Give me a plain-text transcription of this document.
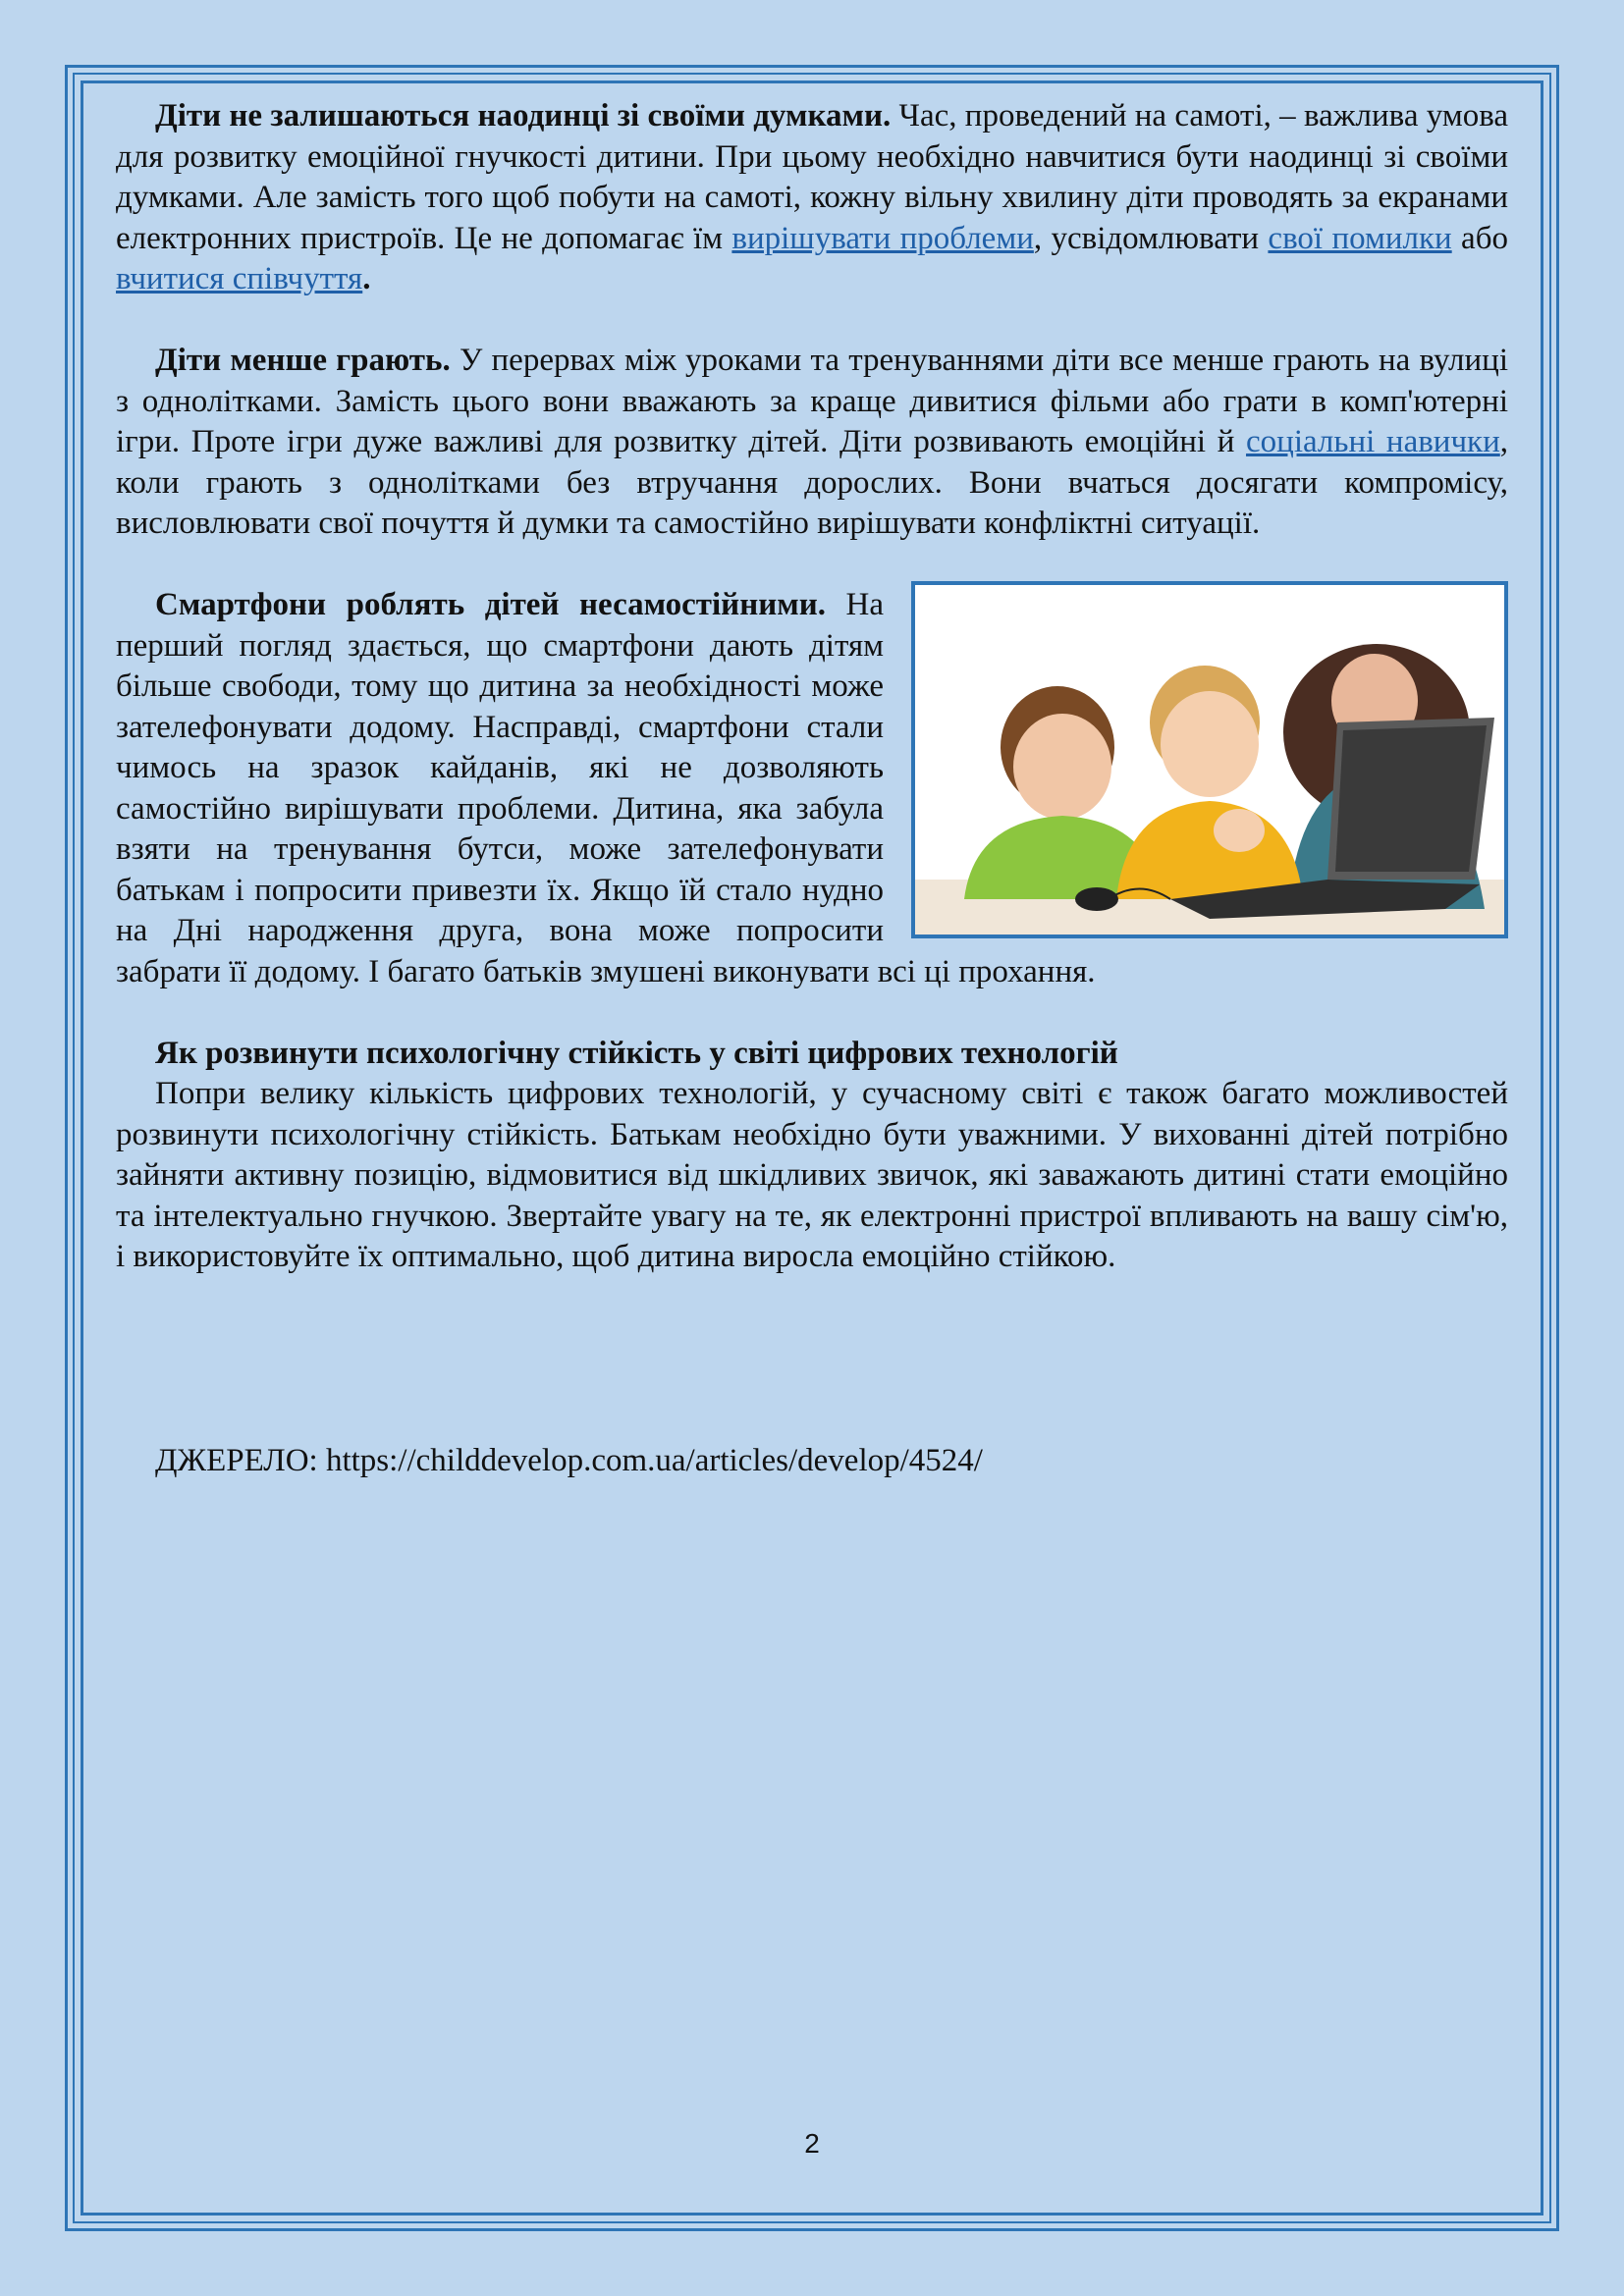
Діти не залишаються наодинці зі своїми думками. Час, проведений на самоті, – важлива умова для розвитку емоційної гнучкості дитини. При цьому необхідно навчитися бути наодинці зі своїми думками. Але замість того щоб побути на самоті, кожну вільну хвилину діти проводять за екранами електронних пристроїв. Це не допомагає їм вирішувати проблеми, усвідомлювати свої помилки або вчитися співчуття.

Діти менше грають. У перервах між уроками та тренуваннями діти все менше грають на вулиці з однолітками. Замість цього вони вважають за краще дивитися фільми або грати в комп'ютерні ігри. Проте ігри дуже важливі для розвитку дітей. Діти розвивають емоційні й соціальні навички, коли грають з однолітками без втручання дорослих. Вони вчаться досягати компромісу, висловлювати свої почуття й думки та самостійно вирішувати конфліктні ситуації.

Смартфони роблять дітей несамостійними. На перший погляд здається, що смартфони дають дітям більше свободи, тому що дитина за необхідності може зателефонувати додому. Насправді, смартфони стали чимось на зразок кайданів, які не дозволяють самостійно вирішувати проблеми. Дитина, яка забула взяти на тренування бутси, може зателефонувати батькам і попросити привезти їх. Якщо їй стало нудно на Дні народження друга, вона може попросити забрати її додому. І багато батьків змушені виконувати всі ці прохання.

Як розвинути психологічну стійкість у світі цифрових технологій

Попри велику кількість цифрових технологій, у сучасному світі є також багато можливостей розвинути психологічну стійкість. Батькам необхідно бути уважними. У вихованні дітей потрібно зайняти активну позицію, відмовитися від шкідливих звичок, які заважають дитині стати емоційно та інтелектуально гнучкою. Звертайте увагу на те, як електронні пристрої впливають на вашу сім'ю, і використовуйте їх оптимально, щоб дитина виросла емоційно стійкою.

ДЖЕРЕЛО: https://childdevelop.com.ua/articles/develop/4524/

2
